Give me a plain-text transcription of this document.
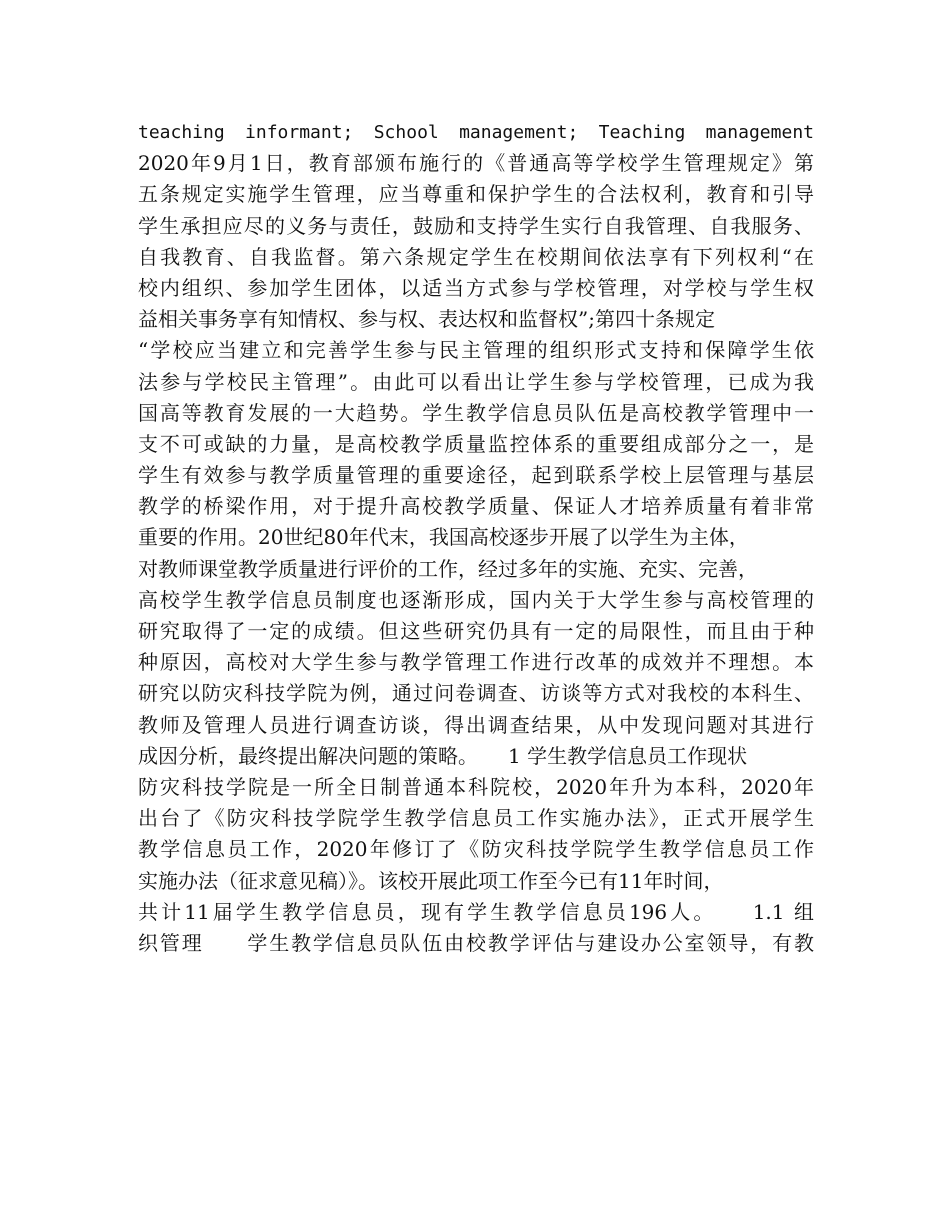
teaching informant; School management; Teaching management
2020年9月1日，教育部颁布施行的《普通高等学校学生管理规定》第
五条规定实施学生管理，应当尊重和保护学生的合法权利，教育和引导
学生承担应尽的义务与责任，鼓励和支持学生实行自我管理、自我服务、
自我教育、自我监督。第六条规定学生在校期间依法享有下列权利“在
校内组织、参加学生团体，以适当方式参与学校管理，对学校与学生权
益相关事务享有知情权、参与权、表达权和监督权”;第四十条规定
“学校应当建立和完善学生参与民主管理的组织形式支持和保障学生依
法参与学校民主管理”。由此可以看出让学生参与学校管理，已成为我
国高等教育发展的一大趋势。学生教学信息员队伍是高校教学管理中一
支不可或缺的力量，是高校教学质量监控体系的重要组成部分之一，是
学生有效参与教学质量管理的重要途径，起到联系学校上层管理与基层
教学的桥梁作用，对于提升高校教学质量、保证人才培养质量有着非常
重要的作用。20世纪80年代末，我国高校逐步开展了以学生为主体，
对教师课堂教学质量进行评价的工作，经过多年的实施、充实、完善，
高校学生教学信息员制度也逐渐形成，国内关于大学生参与高校管理的
研究取得了一定的成绩。但这些研究仍具有一定的局限性，而且由于种
种原因，高校对大学生参与教学管理工作进行改革的成效并不理想。本
研究以防灾科技学院为例，通过问卷调查、访谈等方式对我校的本科生、
教师及管理人员进行调查访谈，得出调查结果，从中发现问题对其进行
成因分析，最终提出解决问题的策略。　　1 学生教学信息员工作现状
防灾科技学院是一所全日制普通本科院校，2020年升为本科，2020年
出台了《防灾科技学院学生教学信息员工作实施办法》，正式开展学生
教学信息员工作，2020年修订了《防灾科技学院学生教学信息员工作
实施办法（征求意见稿）》。该校开展此项工作至今已有11年时间，
共计11届学生教学信息员，现有学生教学信息员196人。　　1.1 组
织管理　　学生教学信息员队伍由校教学评估与建设办公室领导，有教
